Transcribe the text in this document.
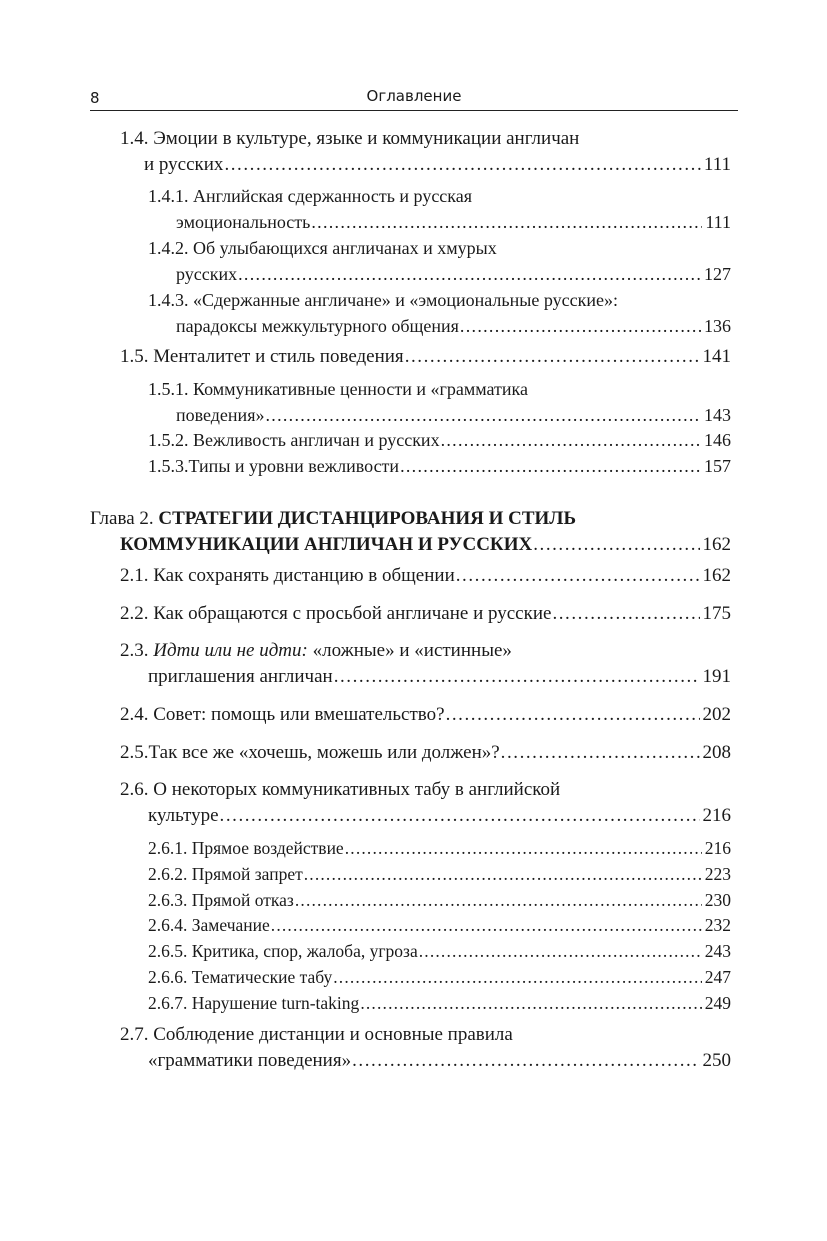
8	Оглавление
1.4. Эмоции в культуре, языке и коммуникации англичан
и русских . . .	111
1.4.1. Английская сдержанность и русская
эмоциональность . . .	111
1.4.2. Об улыбающихся англичанах и хмурых
русских . . .	127
1.4.3. «Сдержанные англичане» и «эмоциональные русские»:
парадоксы межкультурного общения . . .	136
1.5. Менталитет и стиль поведения . . .	141
1.5.1. Коммуникативные ценности и «грамматика
поведения» . . .	143
1.5.2. Вежливость англичан и русских . . .	146
1.5.3.Типы и уровни вежливости . . .	157
Глава 2. СТРАТЕГИИ ДИСТАНЦИРОВАНИЯ И СТИЛЬ
КОММУНИКАЦИИ АНГЛИЧАН И РУССКИХ . . .	162
2.1. Как сохранять дистанцию в общении . . .	162
2.2. Как обращаются с просьбой англичане и русские . . .	175
2.3. Идти или не идти: «ложные» и «истинные»
приглашения англичан . . .	191
2.4. Совет: помощь или вмешательство? . . .	202
2.5.Так все же «хочешь, можешь или должен»? . . .	208
2.6. О некоторых коммуникативных табу в английской
культуре . . .	216
2.6.1. Прямое воздействие . . .	216
2.6.2. Прямой запрет . . .	223
2.6.3. Прямой отказ . . .	230
2.6.4. Замечание . . .	232
2.6.5. Критика, спор, жалоба, угроза . . .	243
2.6.6. Тематические табу . . .	247
2.6.7. Нарушение turn-taking . . .	249
2.7. Соблюдение дистанции и основные правила
«грамматики поведения» . . .	250
